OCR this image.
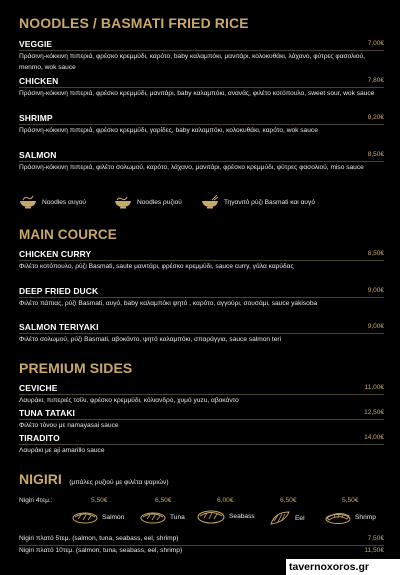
NOODLES / BASMATI FRIED RICE
VEGGIE	7,00€
Πράσινη-κόκκινη πιπεριά, φρέσκο κρεμμύδι, καρότο, baby καλαμπόκι, μανιτάρι, κολοκυθάκι, λάχανο, φύτρες φασολιού, menmo, wok sauce
CHICKEN	7,80€
Πράσινη-κόκκινη πιπεριά, φρέσκο κρεμμύδι, μανιτάρι, baby καλαμπόκι, ανανάς, φιλέτο κοτόπουλο, sweet sour, wok sauce
SHRIMP	8,20€
Πράσινη-κόκκινη πιπεριά, φρέσκο κρεμμύδι, γαρίδες, baby καλαμπόκι, κολοκυθάκι, καρότο, wok sauce
SALMON	8,50€
Πράσινη-κόκκινη πιπεριά, φιλέτο σολωμού, καρότο, λάχανο, μανιτάρι, φρέσκο κρεμμύδι, φύτρες φασολιού, miso sauce
Noodles αυγού	Noodles ρυζιού	Τηγανιτό ρύζι Basmati και αυγό
MAIN COURCE
CHICKEN CURRY	8,50€
Φιλέτο κοτόπουλο, ρύζι Basmati, saute μανιτάρι, φρέσκο κρεμμύδι, sauce curry, γάλα καρύδας
DEEP FRIED DUCK	9,00€
Φιλέτο πάπιας, ρύζι Basmati, αυγό, baby καλαμπόκι ψητό , καρότο, αγγούρι, σουσάμι, sauce yakisoba
SALMON TERIYAKI	9,00€
Φιλέτο σολωμού, ρύζι Basmati, αβοκάντο, ψητό καλαμπόκι, σπαράγγια, sauce salmon teri
PREMIUM SIDES
CEVICHE	11,00€
Λαυράκι, πιπεριές τσίλι, φρέσκο κρεμμύδι, κόλιανδρο, χυμό yuzu, αβοκάντο
TUNA TATAKI	12,50€
Φιλέτο τόνου με namayasai sauce
TIRADITO	14,00€
Λαυράκι με aji amarillo sauce
NIGIRI (μπάλες ρυζιού με φιλέτα ψαριών)
Nigiri 4τεμ.:	5,50€	6,50€	6,00€	6,50€	5,50€
Salmon	Tuna	Seabass	Eel	Shrimp
Nigiri πλατό 5τεμ. (salmon, tuna, seabass, eel, shrimp)	7,50€
Nigiri πλατό 10τεμ. (salmon, tuna, seabass, eel, shrimp)	11,50€
tavernoxoros.gr
